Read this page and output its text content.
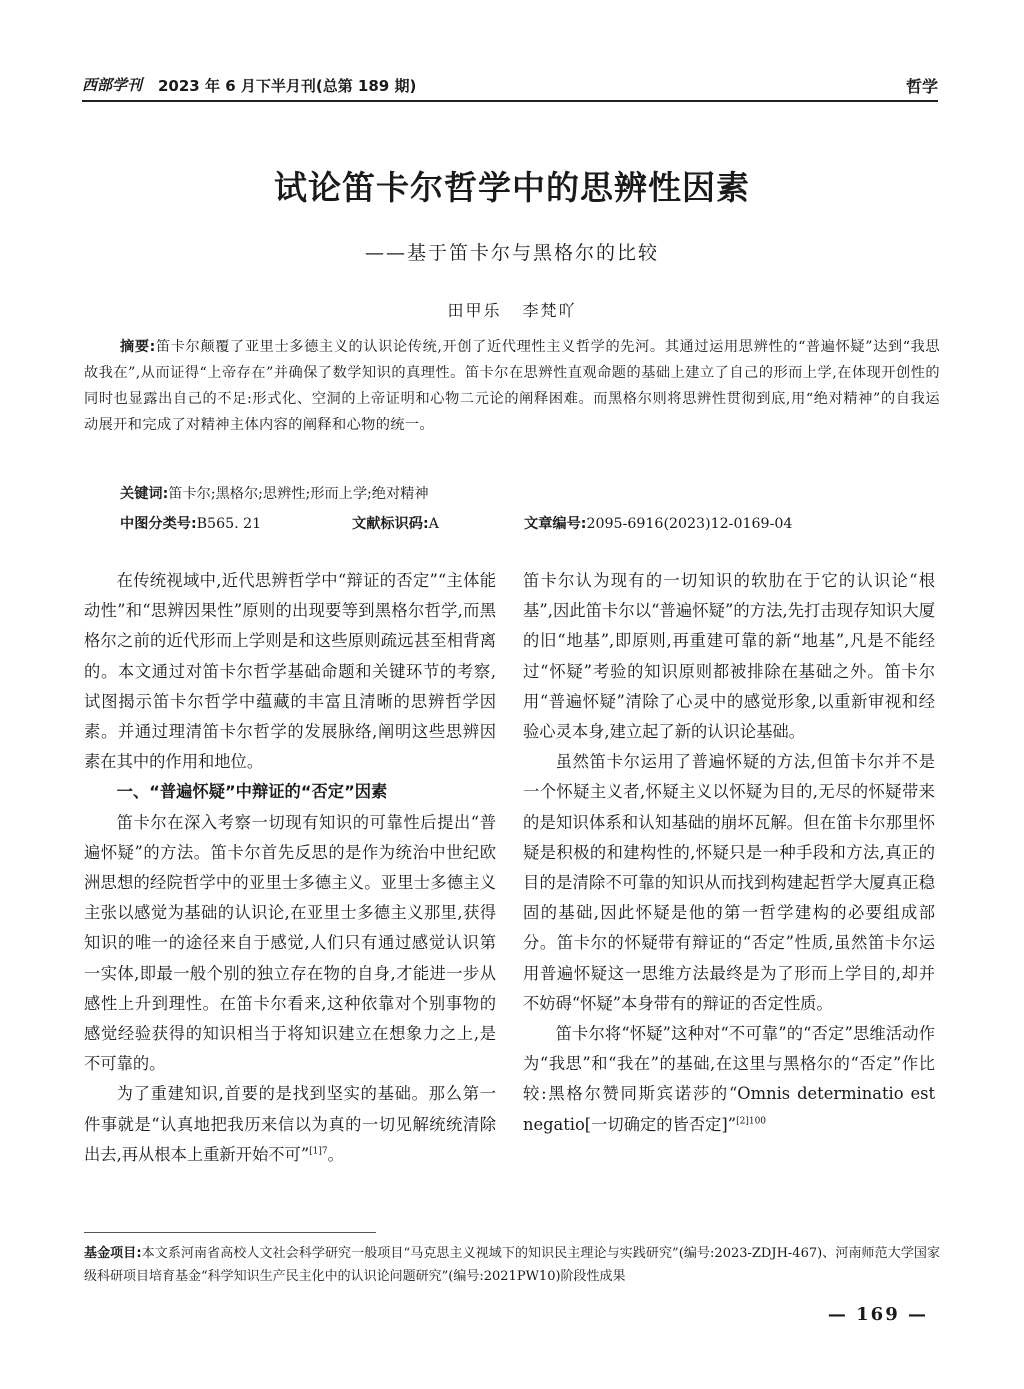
西部学刊 2023 年 6 月下半月刊(总第 189 期)	哲学
试论笛卡尔哲学中的思辨性因素
——基于笛卡尔与黑格尔的比较
田甲乐 李梵吖

摘要:笛卡尔颠覆了亚里士多德主义的认识论传统,开创了近代理性主义哲学的先河。其通过运用思辨性的“普遍怀疑”达到“我思故我在”,从而证得“上帝存在”并确保了数学知识的真理性。笛卡尔在思辨性直观命题的基础上建立了自己的形而上学,在体现开创性的同时也显露出自己的不足:形式化、空洞的上帝证明和心物二元论的阐释困难。而黑格尔则将思辨性贯彻到底,用“绝对精神”的自我运动展开和完成了对精神主体内容的阐释和心物的统一。

关键词:笛卡尔;黑格尔;思辨性;形而上学;绝对精神

中图分类号:B565. 21	文献标识码:A	文章编号:2095-6916(2023)12-0169-04

在传统视域中,近代思辨哲学中“辩证的否定”“主体能动性”和“思辨因果性”原则的出现要等到黑格尔哲学,而黑格尔之前的近代形而上学则是和这些原则疏远甚至相背离的。本文通过对笛卡尔哲学基础命题和关键环节的考察,试图揭示笛卡尔哲学中蕴藏的丰富且清晰的思辨哲学因素。并通过理清笛卡尔哲学的发展脉络,阐明这些思辨因素在其中的作用和地位。

一、“普遍怀疑”中辩证的“否定”因素

笛卡尔在深入考察一切现有知识的可靠性后提出“普遍怀疑”的方法。笛卡尔首先反思的是作为统治中世纪欧洲思想的经院哲学中的亚里士多德主义。亚里士多德主义主张以感觉为基础的认识论,在亚里士多德主义那里,获得知识的唯一的途径来自于感觉,人们只有通过感觉认识第一实体,即最一般个别的独立存在物的自身,才能进一步从感性上升到理性。在笛卡尔看来,这种依靠对个别事物的感觉经验获得的知识相当于将知识建立在想象力之上,是不可靠的。

为了重建知识,首要的是找到坚实的基础。那么第一件事就是“认真地把我历来信以为真的一切见解统统清除出去,再从根本上重新开始不可”$^{[1]7}$。

笛卡尔认为现有的一切知识的软肋在于它的认识论“根基”,因此笛卡尔以“普遍怀疑”的方法,先打击现存知识大厦的旧“地基”,即原则,再重建可靠的新“地基”,凡是不能经过“怀疑”考验的知识原则都被排除在基础之外。笛卡尔用“普遍怀疑”清除了心灵中的感觉形象,以重新审视和经验心灵本身,建立起了新的认识论基础。

虽然笛卡尔运用了普遍怀疑的方法,但笛卡尔并不是一个怀疑主义者,怀疑主义以怀疑为目的,无尽的怀疑带来的是知识体系和认知基础的崩坏瓦解。但在笛卡尔那里怀疑是积极的和建构性的,怀疑只是一种手段和方法,真正的目的是清除不可靠的知识从而找到构建起哲学大厦真正稳固的基础,因此怀疑是他的第一哲学建构的必要组成部分。笛卡尔的怀疑带有辩证的“否定”性质,虽然笛卡尔运用普遍怀疑这一思维方法最终是为了形而上学目的,却并不妨碍“怀疑”本身带有的辩证的否定性质。

笛卡尔将“怀疑”这种对“不可靠”的“否定”思维活动作为“我思”和“我在”的基础,在这里与黑格尔的“否定”作比较:黑格尔赞同斯宾诺莎的“Omnis determinatio est negatio[一切确定的皆否定]”$^{[2]100}$

基金项目:本文系河南省高校人文社会科学研究一般项目“马克思主义视域下的知识民主理论与实践研究”(编号:2023-ZDJH-467)、河南师范大学国家级科研项目培育基金“科学知识生产民主化中的认识论问题研究”(编号:2021PW10)阶段性成果

— 169 —
